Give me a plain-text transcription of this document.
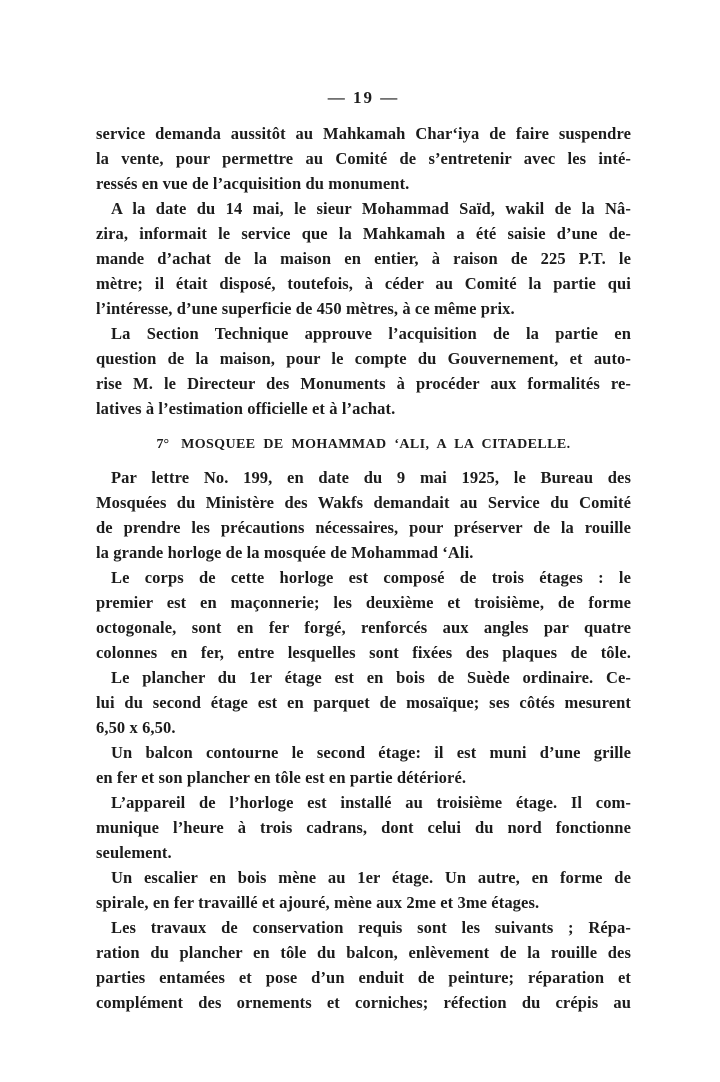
— 19 —
service demanda aussitôt au Mahkamah Char‘iya de faire suspendre
la vente, pour permettre au Comité de s’entretenir avec les inté-
ressés en vue de l’acquisition du monument.
A la date du 14 mai, le sieur Mohammad Saïd, wakil de la Nâ-
zira, informait le service que la Mahkamah a été saisie d’une de-
mande d’achat de la maison en entier, à raison de 225 P.T. le
mètre; il était disposé, toutefois, à céder au Comité la partie qui
l’intéresse, d’une superficie de 450 mètres, à ce même prix.
La Section Technique approuve l’acquisition de la partie en
question de la maison, pour le compte du Gouvernement, et auto-
rise M. le Directeur des Monuments à procéder aux formalités re-
latives à l’estimation officielle et à l’achat.
7° MOSQUEE DE MOHAMMAD ‘ALI, A LA CITADELLE.
Par lettre No. 199, en date du 9 mai 1925, le Bureau des
Mosquées du Ministère des Wakfs demandait au Service du Comité
de prendre les précautions nécessaires, pour préserver de la rouille
la grande horloge de la mosquée de Mohammad ‘Ali.
Le corps de cette horloge est composé de trois étages : le
premier est en maçonnerie; les deuxième et troisième, de forme
octogonale, sont en fer forgé, renforcés aux angles par quatre
colonnes en fer, entre lesquelles sont fixées des plaques de tôle.
Le plancher du 1er étage est en bois de Suède ordinaire. Ce-
lui du second étage est en parquet de mosaïque; ses côtés mesurent
6,50 x 6,50.
Un balcon contourne le second étage: il est muni d’une grille
en fer et son plancher en tôle est en partie détérioré.
L’appareil de l’horloge est installé au troisième étage. Il com-
munique l’heure à trois cadrans, dont celui du nord fonctionne
seulement.
Un escalier en bois mène au 1er étage. Un autre, en forme de
spirale, en fer travaillé et ajouré, mène aux 2me et 3me étages.
Les travaux de conservation requis sont les suivants ; Répa-
ration du plancher en tôle du balcon, enlèvement de la rouille des
parties entamées et pose d’un enduit de peinture; réparation et
complément des ornements et corniches; réfection du crépis au
